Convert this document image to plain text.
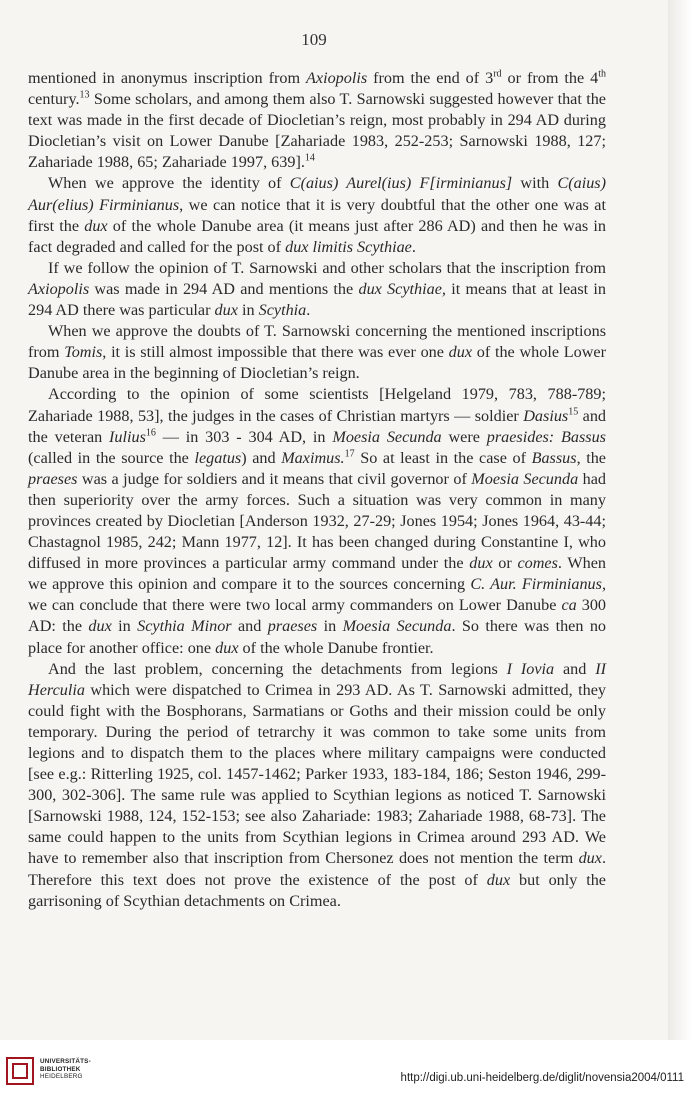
109

mentioned in anonymus inscription from Axiopolis from the end of 3rd or from the 4th century.$^{13}$ Some scholars, and among them also T. Sarnowski suggested however that the text was made in the first decade of Diocletian’s reign, most probably in 294 AD during Diocletian’s visit on Lower Danube [Zahariade 1983, 252-253; Sarnowski 1988, 127; Zahariade 1988, 65; Zahariade 1997, 639].$^{14}$

When we approve the identity of C(aius) Aurel(ius) F[irminianus] with C(aius) Aur(elius) Firminianus, we can notice that it is very doubtful that the other one was at first the dux of the whole Danube area (it means just after 286 AD) and then he was in fact degraded and called for the post of dux limitis Scythiae.

If we follow the opinion of T. Sarnowski and other scholars that the inscription from Axiopolis was made in 294 AD and mentions the dux Scythiae, it means that at least in 294 AD there was particular dux in Scythia.

When we approve the doubts of T. Sarnowski concerning the mentioned inscriptions from Tomis, it is still almost impossible that there was ever one dux of the whole Lower Danube area in the beginning of Diocletian’s reign.

According to the opinion of some scientists [Helgeland 1979, 783, 788-789; Zahariade 1988, 53], the judges in the cases of Christian martyrs — soldier Dasius$^{15}$ and the veteran Iulius$^{16}$ — in 303 - 304 AD, in Moesia Secunda were praesides: Bassus (called in the source the legatus) and Maximus.$^{17}$ So at least in the case of Bassus, the praeses was a judge for soldiers and it means that civil governor of Moesia Secunda had then superiority over the army forces. Such a situation was very common in many provinces created by Diocletian [Anderson 1932, 27-29; Jones 1954; Jones 1964, 43-44; Chastagnol 1985, 242; Mann 1977, 12]. It has been changed during Constantine I, who diffused in more provinces a particular army command under the dux or comes. When we approve this opinion and compare it to the sources concerning C. Aur. Firminianus, we can conclude that there were two local army commanders on Lower Danube ca 300 AD: the dux in Scythia Minor and praeses in Moesia Secunda. So there was then no place for another office: one dux of the whole Danube frontier.

And the last problem, concerning the detachments from legions I Iovia and II Herculia which were dispatched to Crimea in 293 AD. As T. Sarnowski admitted, they could fight with the Bosphorans, Sarmatians or Goths and their mission could be only temporary. During the period of tetrarchy it was common to take some units from legions and to dispatch them to the places where military campaigns were conducted [see e.g.: Ritterling 1925, col. 1457-1462; Parker 1933, 183-184, 186; Seston 1946, 299-300, 302-306]. The same rule was applied to Scythian legions as noticed T. Sarnowski [Sarnowski 1988, 124, 152-153; see also Zahariade: 1983; Zahariade 1988, 68-73]. The same could happen to the units from Scythian legions in Crimea around 293 AD. We have to remember also that inscription from Chersonez does not mention the term dux. Therefore this text does not prove the existence of the post of dux but only the garrisoning of Scythian detachments on Crimea.

UNIVERSITÄTS-
BIBLIOTHEK
HEIDELBERG	http://digi.ub.uni-heidelberg.de/diglit/novensia2004/0111
